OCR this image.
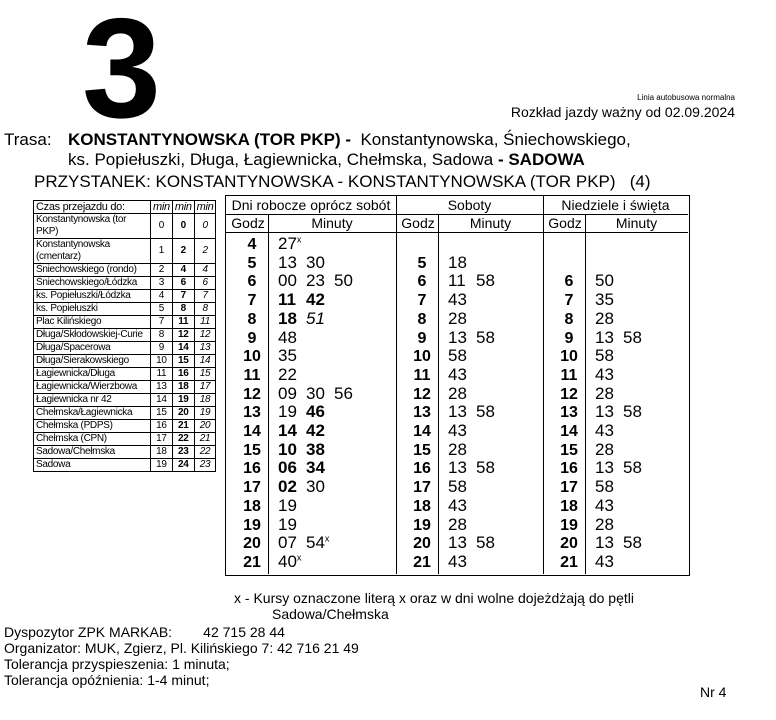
3	Linia autobusowa normalna
Rozkład jazdy ważny od 02.09.2024
Trasa: KONSTANTYNOWSKA (TOR PKP) - Konstantynowska, Śniechowskiego,
ks. Popiełuszki, Długa, Łagiewnicka, Chełmska, Sadowa - SADOWA
PRZYSTANEK: KONSTANTYNOWSKA - KONSTANTYNOWSKA (TOR PKP)   (4)
Czas przejazdu do:	min	min	min
Konstantynowska (tor PKP)	0	0	0
Konstantynowska (cmentarz)	1	2	2
Śniechowskiego (rondo)	2	4	4
Śniechowskiego/Łódzka	3	6	6
ks. Popiełuszki/Łódzka	4	7	7
ks. Popiełuszki	5	8	8
Plac Kilińskiego	7	11	11
Długa/Skłodowskiej-Curie	8	12	12
Długa/Spacerowa	9	14	13
Długa/Sierakowskiego	10	15	14
Łagiewnicka/Długa	11	16	15
Łagiewnicka/Wierzbowa	13	18	17
Łagiewnicka nr 42	14	19	18
Chełmska/Łagiewnicka	15	20	19
Chełmska (PDPS)	16	21	20
Chełmska (CPN)	17	22	21
Sadowa/Chełmska	18	23	22
Sadowa	19	24	23
Dni robocze oprócz sobót
Godz	Minuty
Soboty
Godz	Minuty
Niedziele i święta
Godz	Minuty
4	27$^x$
5	13 30
6	00 23 50
7	11 42
8	18 51
9	48
10	35
11	22
12	09 30 56
13	19 46
14	14 42
15	10 38
16	06 34
17	02 30
18	19
19	19
20	07 54$^x$
21	40$^x$
5	18
6	11 58
7	43
8	28
9	13 58
10	58
11	43
12	28
13	13 58
14	43
15	28
16	13 58
17	58
18	43
19	28
20	13 58
21	43
6	50
7	35
8	28
9	13 58
10	58
11	43
12	28
13	13 58
14	43
15	28
16	13 58
17	58
18	43
19	28
20	13 58
21	43
x - Kursy oznaczone literą x oraz w dni wolne dojeżdżają do pętli
Sadowa/Chełmska
Dyspozytor ZPK MARKAB:        42 715 28 44
Organizator: MUK, Zgierz, Pl. Kilińskiego 7: 42 716 21 49
Tolerancja przyspieszenia: 1 minuta;
Tolerancja opóźnienia: 1-4 minut;
Nr 4
